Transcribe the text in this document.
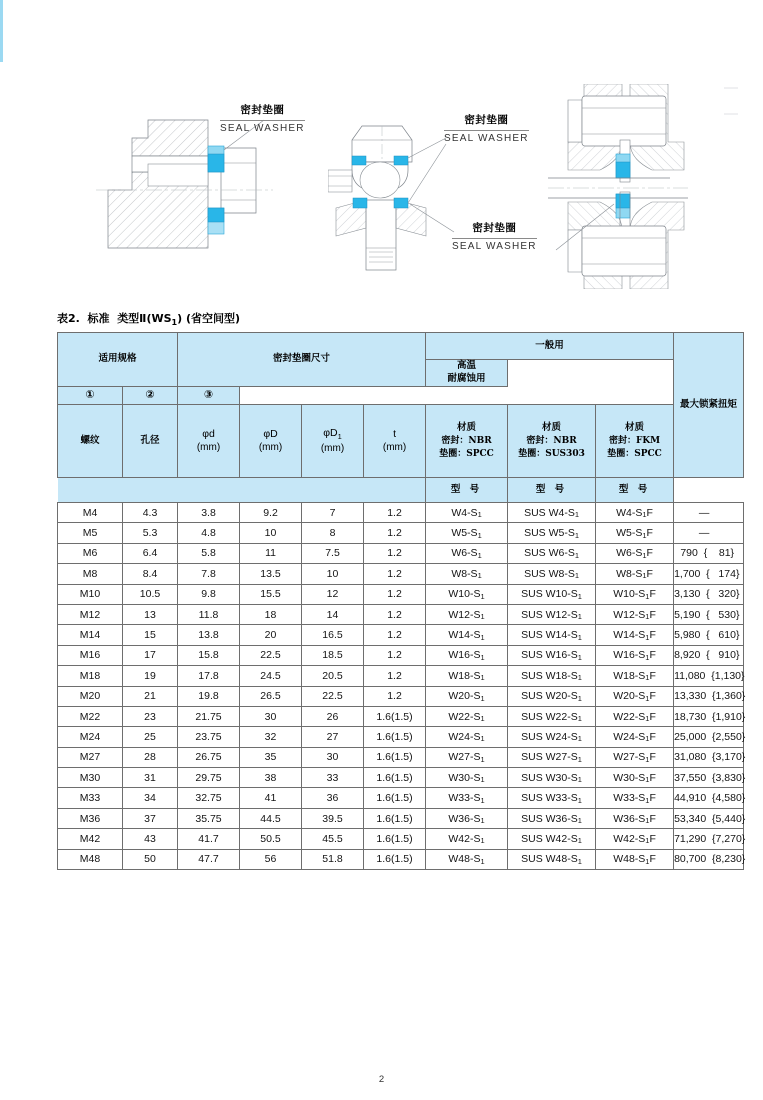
密封垫圈
SEAL WASHER
密封垫圈
SEAL WASHER
密封垫圈
SEAL WASHER
表2. 标准 类型$Ⅱ(WS_1)$ (省空间型)
适用规格		密封垫圈尺寸				一般用			最大锁紧扭矩
						高温
耐腐蚀用			
①	②	③							
螺纹	孔径	φd
(mm)	φD
(mm)	$\varphi D_1$
(mm)	t
(mm)	材质
密封：NBR
垫圈：SPCC	材质
密封：NBR
垫圈：SUS303	材质
密封：FKM
垫圈：SPCC	

						型 号	型 号	型 号	
M4	4.3	3.8	9.2	7	1.2	$W4-S_1$	SUS $W4-S_1$	$W4-S_1F$	—
M5	5.3	4.8	10	8	1.2	$W5-S_1$	SUS $W5-S_1$	$W5-S_1F$	—
M6	6.4	5.8	11	7.5	1.2	$W6-S_1$	SUS $W6-S_1$	$W6-S_1F$	790  {    81}
M8	8.4	7.8	13.5	10	1.2	$W8-S_1$	SUS $W8-S_1$	$W8-S_1F$	1,700  {   174}
M10	10.5	9.8	15.5	12	1.2	$W10-S_1$	SUS $W10-S_1$	$W10-S_1F$	3,130  {   320}
M12	13	11.8	18	14	1.2	$W12-S_1$	SUS $W12-S_1$	$W12-S_1F$	5,190  {   530}
M14	15	13.8	20	16.5	1.2	$W14-S_1$	SUS $W14-S_1$	$W14-S_1F$	5,980  {   610}
M16	17	15.8	22.5	18.5	1.2	$W16-S_1$	SUS $W16-S_1$	$W16-S_1F$	8,920  {   910}
M18	19	17.8	24.5	20.5	1.2	$W18-S_1$	SUS $W18-S_1$	$W18-S_1F$	11,080  {1,130}
M20	21	19.8	26.5	22.5	1.2	$W20-S_1$	SUS $W20-S_1$	$W20-S_1F$	13,330  {1,360}
M22	23	21.75	30	26	1.6(1.5)	$W22-S_1$	SUS $W22-S_1$	$W22-S_1F$	18,730  {1,910}
M24	25	23.75	32	27	1.6(1.5)	$W24-S_1$	SUS $W24-S_1$	$W24-S_1F$	25,000  {2,550}
M27	28	26.75	35	30	1.6(1.5)	$W27-S_1$	SUS $W27-S_1$	$W27-S_1F$	31,080  {3,170}
M30	31	29.75	38	33	1.6(1.5)	$W30-S_1$	SUS $W30-S_1$	$W30-S_1F$	37,550  {3,830}
M33	34	32.75	41	36	1.6(1.5)	$W33-S_1$	SUS $W33-S_1$	$W33-S_1F$	44,910  {4,580}
M36	37	35.75	44.5	39.5	1.6(1.5)	$W36-S_1$	SUS $W36-S_1$	$W36-S_1F$	53,340  {5,440}
M42	43	41.7	50.5	45.5	1.6(1.5)	$W42-S_1$	SUS $W42-S_1$	$W42-S_1F$	71,290  {7,270}
M48	50	47.7	56	51.8	1.6(1.5)	$W48-S_1$	SUS $W48-S_1$	$W48-S_1F$	80,700  {8,230}
2
